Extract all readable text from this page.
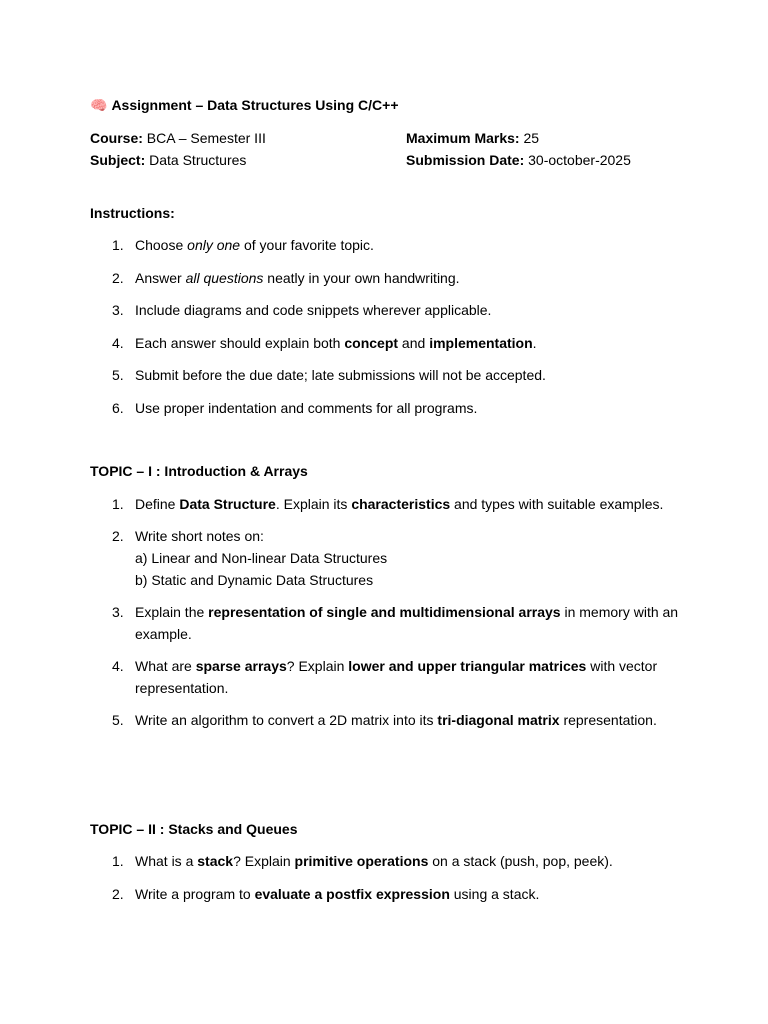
🧠 Assignment – Data Structures Using C/C++
Course: BCA – Semester III	Maximum Marks: 25
Subject: Data Structures	Submission Date: 30-october-2025
Instructions:
1. Choose only one of your favorite topic.
2. Answer all questions neatly in your own handwriting.
3. Include diagrams and code snippets wherever applicable.
4. Each answer should explain both concept and implementation.
5. Submit before the due date; late submissions will not be accepted.
6. Use proper indentation and comments for all programs.
TOPIC – I : Introduction & Arrays
1. Define Data Structure. Explain its characteristics and types with suitable examples.
2. Write short notes on:
a) Linear and Non-linear Data Structures
b) Static and Dynamic Data Structures
3. Explain the representation of single and multidimensional arrays in memory with an example.
4. What are sparse arrays? Explain lower and upper triangular matrices with vector representation.
5. Write an algorithm to convert a 2D matrix into its tri-diagonal matrix representation.
TOPIC – II : Stacks and Queues
1. What is a stack? Explain primitive operations on a stack (push, pop, peek).
2. Write a program to evaluate a postfix expression using a stack.
